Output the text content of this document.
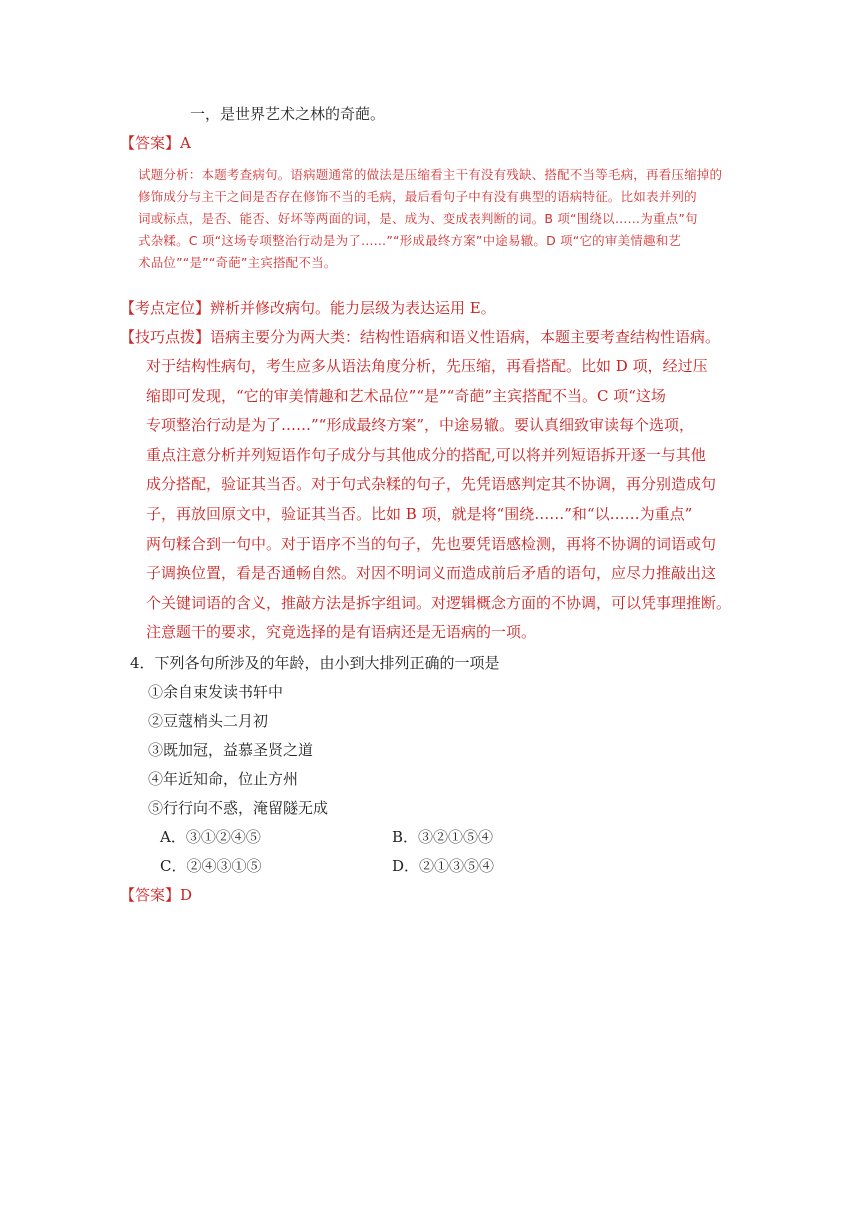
一，是世界艺术之林的奇葩。
【答案】A
试题分析：本题考查病句。语病题通常的做法是压缩看主干有没有残缺、搭配不当等毛病，再看压缩掉的
修饰成分与主干之间是否存在修饰不当的毛病，最后看句子中有没有典型的语病特征。比如表并列的
词或标点，是否、能否、好坏等两面的词，是、成为、变成表判断的词。B 项“围绕以……为重点”句
式杂糅。C 项“这场专项整治行动是为了……”“形成最终方案”中途易辙。D 项“它的审美情趣和艺
术品位”“是”“奇葩”主宾搭配不当。
【考点定位】辨析并修改病句。能力层级为表达运用 E。
【技巧点拨】语病主要分为两大类：结构性语病和语义性语病，本题主要考查结构性语病。
对于结构性病句，考生应多从语法角度分析，先压缩，再看搭配。比如 D 项，经过压
缩即可发现，“它的审美情趣和艺术品位”“是”“奇葩”主宾搭配不当。C 项“这场
专项整治行动是为了……”“形成最终方案”，中途易辙。要认真细致审读每个选项，
重点注意分析并列短语作句子成分与其他成分的搭配,可以将并列短语拆开逐一与其他
成分搭配，验证其当否。对于句式杂糅的句子，先凭语感判定其不协调，再分别造成句
子，再放回原文中，验证其当否。比如 B 项，就是将“围绕……”和“以……为重点”
两句糅合到一句中。对于语序不当的句子，先也要凭语感检测，再将不协调的词语或句
子调换位置，看是否通畅自然。对因不明词义而造成前后矛盾的语句，应尽力推敲出这
个关键词语的含义，推敲方法是拆字组词。对逻辑概念方面的不协调，可以凭事理推断。
注意题干的要求，究竟选择的是有语病还是无语病的一项。
4．下列各句所涉及的年龄，由小到大排列正确的一项是
①余自束发读书轩中
②豆蔻梢头二月初
③既加冠，益慕圣贤之道
④年近知命，位止方州
⑤行行向不惑，淹留隧无成
A．③①②④⑤	B．③②①⑤④
C．②④③①⑤	D．②①③⑤④
【答案】D
